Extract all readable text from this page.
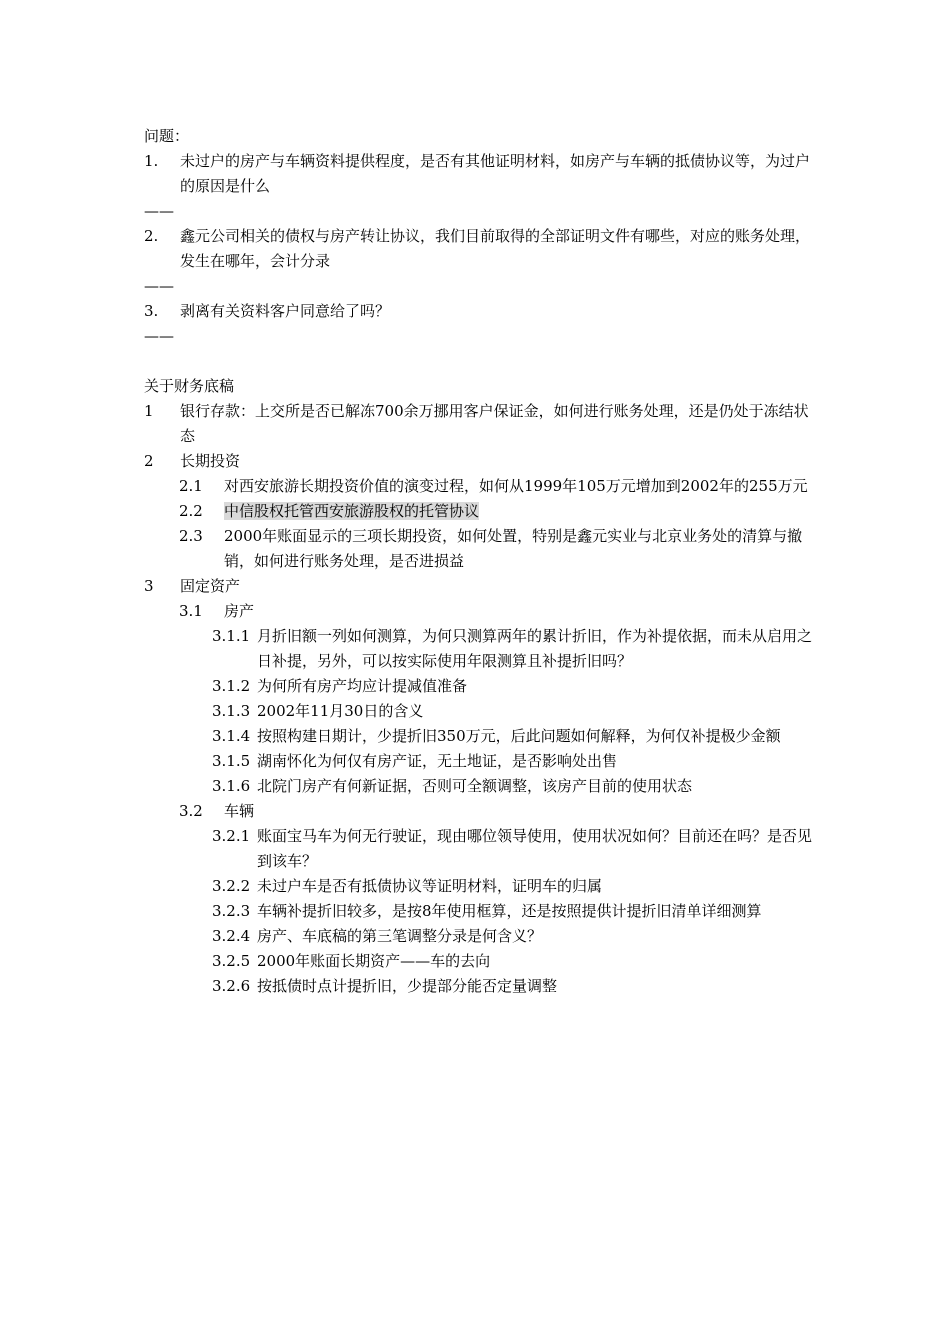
问题：
1. 未过户的房产与车辆资料提供程度，是否有其他证明材料，如房产与车辆的抵债协议等，为过户的原因是什么
——
2. 鑫元公司相关的债权与房产转让协议，我们目前取得的全部证明文件有哪些，对应的账务处理，发生在哪年，会计分录
——
3. 剥离有关资料客户同意给了吗？
——
关于财务底稿
1 银行存款：上交所是否已解冻700余万挪用客户保证金，如何进行账务处理，还是仍处于冻结状态
2 长期投资
2.1 对西安旅游长期投资价值的演变过程，如何从1999年105万元增加到2002年的255万元
2.2 中信股权托管西安旅游股权的托管协议
2.3 2000年账面显示的三项长期投资，如何处置，特别是鑫元实业与北京业务处的清算与撤销，如何进行账务处理，是否进损益
3 固定资产
3.1 房产
3.1.1 月折旧额一列如何测算，为何只测算两年的累计折旧，作为补提依据，而未从启用之日补提，另外，可以按实际使用年限测算且补提折旧吗？
3.1.2 为何所有房产均应计提减值准备
3.1.3 2002年11月30日的含义
3.1.4 按照构建日期计，少提折旧350万元，后此问题如何解释，为何仅补提极少金额
3.1.5 湖南怀化为何仅有房产证，无土地证，是否影响处出售
3.1.6 北院门房产有何新证据，否则可全额调整，该房产目前的使用状态
3.2 车辆
3.2.1 账面宝马车为何无行驶证，现由哪位领导使用，使用状况如何？目前还在吗？是否见到该车？
3.2.2 未过户车是否有抵债协议等证明材料，证明车的归属
3.2.3 车辆补提折旧较多，是按8年使用框算，还是按照提供计提折旧清单详细测算
3.2.4 房产、车底稿的第三笔调整分录是何含义？
3.2.5 2000年账面长期资产——车的去向
3.2.6 按抵债时点计提折旧，少提部分能否定量调整
